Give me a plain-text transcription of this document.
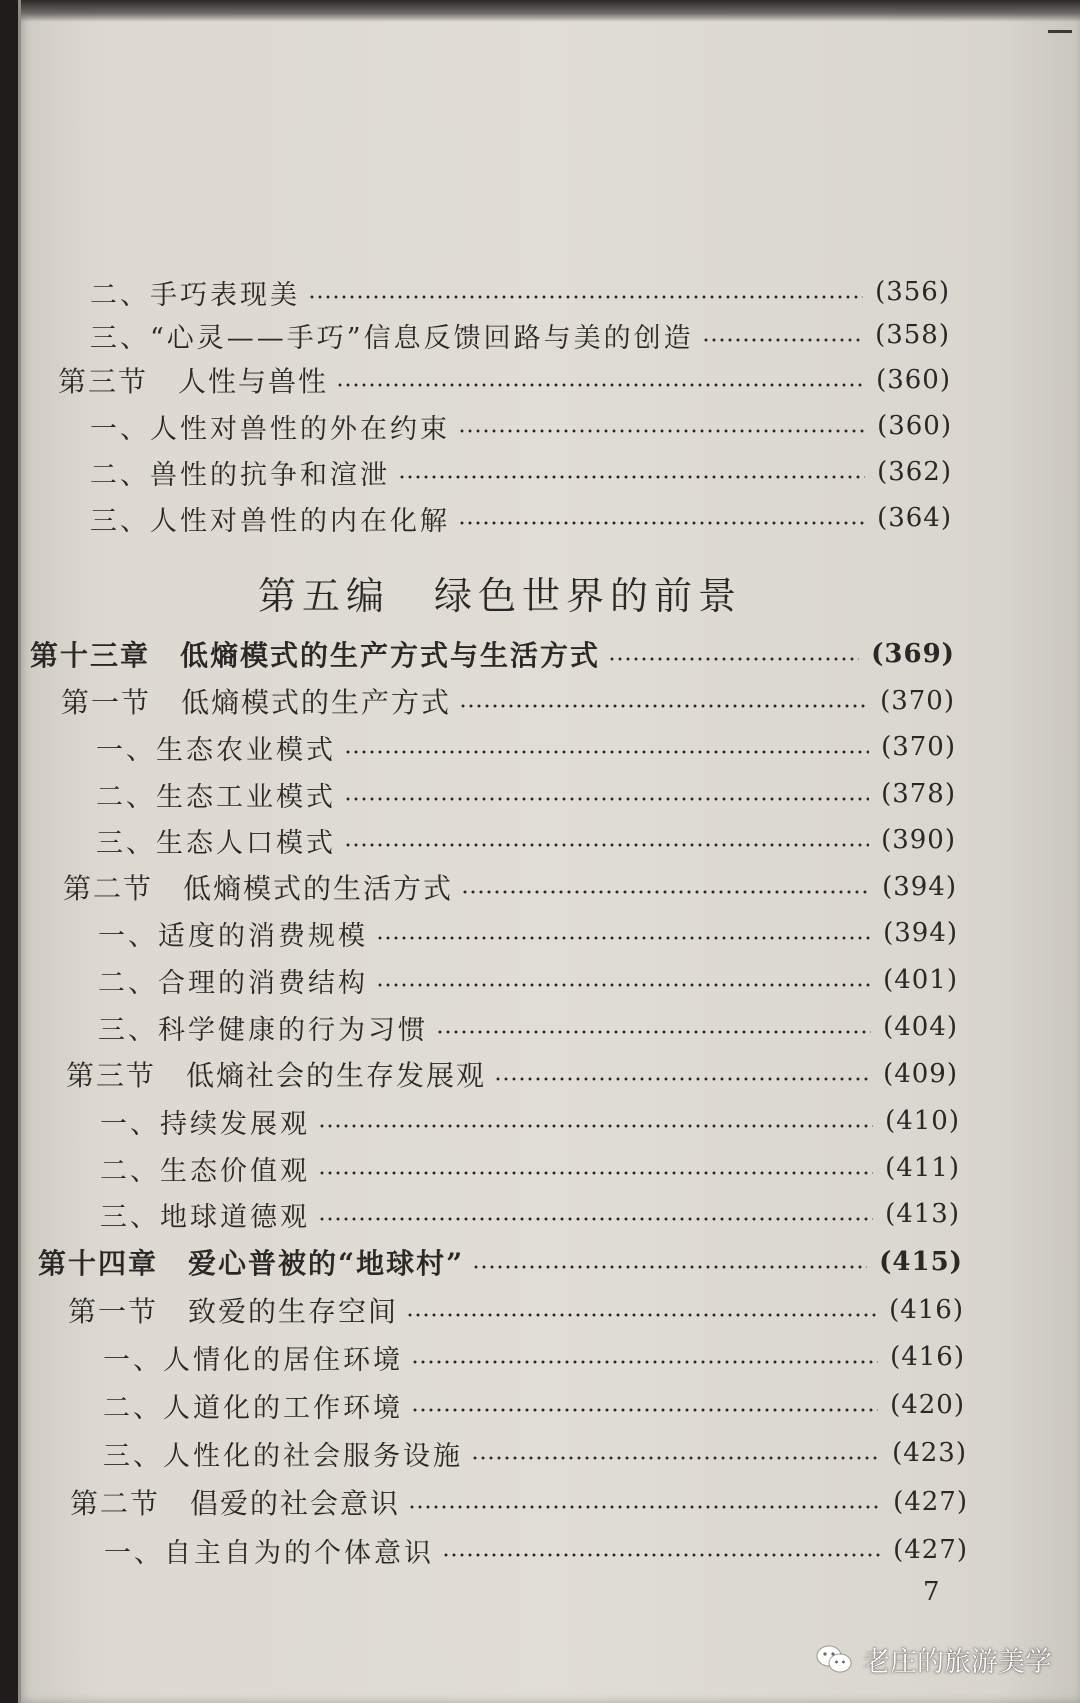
二、手巧表现美	(356)
三、“心灵——手巧”信息反馈回路与美的创造	(358)
第三节　人性与兽性	(360)
一、人性对兽性的外在约束	(360)
二、兽性的抗争和渲泄	(362)
三、人性对兽性的内在化解	(364)
第五编　绿色世界的前景
第十三章　低熵模式的生产方式与生活方式	(369)
第一节　低熵模式的生产方式	(370)
一、生态农业模式	(370)
二、生态工业模式	(378)
三、生态人口模式	(390)
第二节　低熵模式的生活方式	(394)
一、适度的消费规模	(394)
二、合理的消费结构	(401)
三、科学健康的行为习惯	(404)
第三节　低熵社会的生存发展观	(409)
一、持续发展观	(410)
二、生态价值观	(411)
三、地球道德观	(413)
第十四章　爱心普被的“地球村”	(415)
第一节　致爱的生存空间	(416)
一、人情化的居住环境	(416)
二、人道化的工作环境	(420)
三、人性化的社会服务设施	(423)
第二节　倡爱的社会意识	(427)
一、自主自为的个体意识	(427)
7
老庄的旅游美学
